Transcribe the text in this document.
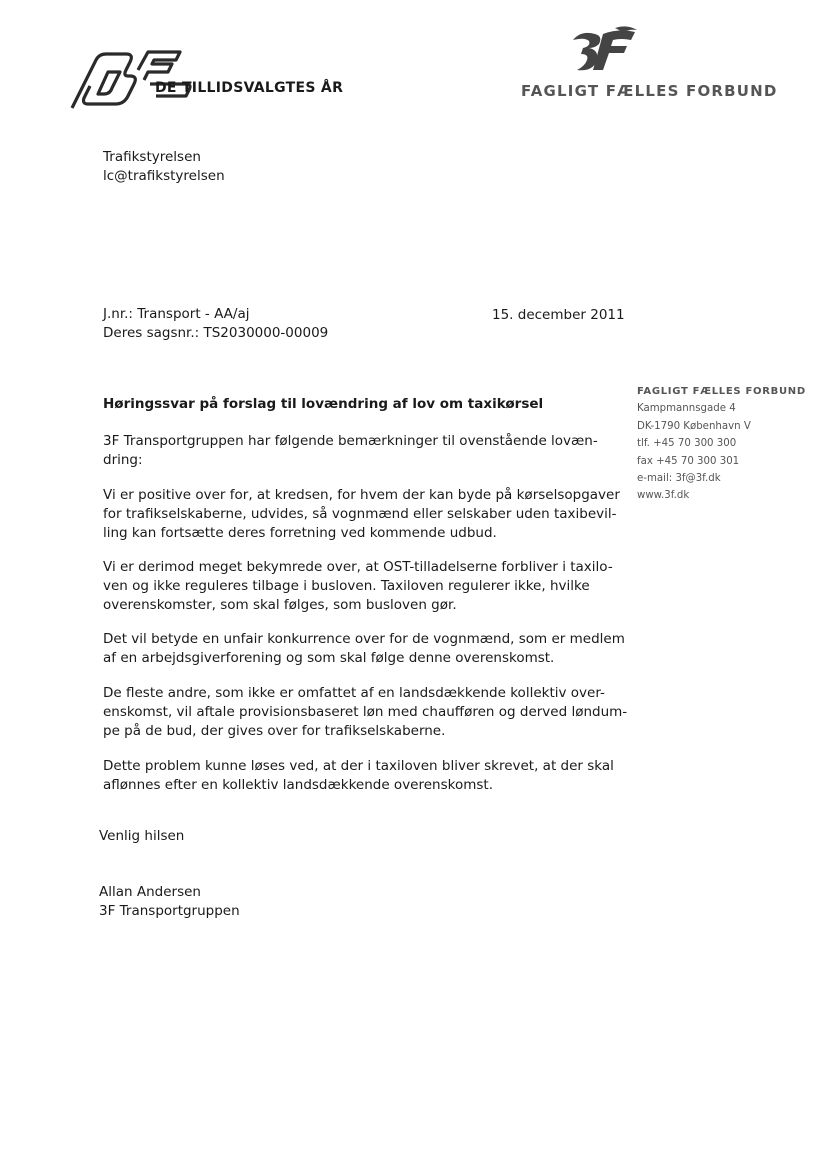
DE TILLIDSVALGTES ÅR	FAGLIGT FÆLLES FORBUND
Trafikstyrelsen
lc@trafikstyrelsen
J.nr.: Transport - AA/aj
Deres sagsnr.: TS2030000-00009
15. december 2011
FAGLIGT FÆLLES FORBUND
Kampmannsgade 4
DK-1790 København V
tlf. +45 70 300 300
fax +45 70 300 301
e-mail: 3f@3f.dk
www.3f.dk
Høringssvar på forslag til lovændring af lov om taxikørsel
3F Transportgruppen har følgende bemærkninger til ovenstående lovæn-
dring:
Vi er positive over for, at kredsen, for hvem der kan byde på kørselsopgaver
for trafikselskaberne, udvides, så vognmænd eller selskaber uden taxibevil-
ling kan fortsætte deres forretning ved kommende udbud.
Vi er derimod meget bekymrede over, at OST-tilladelserne forbliver i taxilo-
ven og ikke reguleres tilbage i busloven. Taxiloven regulerer ikke, hvilke
overenskomster, som skal følges, som busloven gør.
Det vil betyde en unfair konkurrence over for de vognmænd, som er medlem
af en arbejdsgiverforening og som skal følge denne overenskomst.
De fleste andre, som ikke er omfattet af en landsdækkende kollektiv over-
enskomst, vil aftale provisionsbaseret løn med chaufføren og derved løndum-
pe på de bud, der gives over for trafikselskaberne.
Dette problem kunne løses ved, at der i taxiloven bliver skrevet, at der skal
aflønnes efter en kollektiv landsdækkende overenskomst.
Venlig hilsen
Allan Andersen
3F Transportgruppen
